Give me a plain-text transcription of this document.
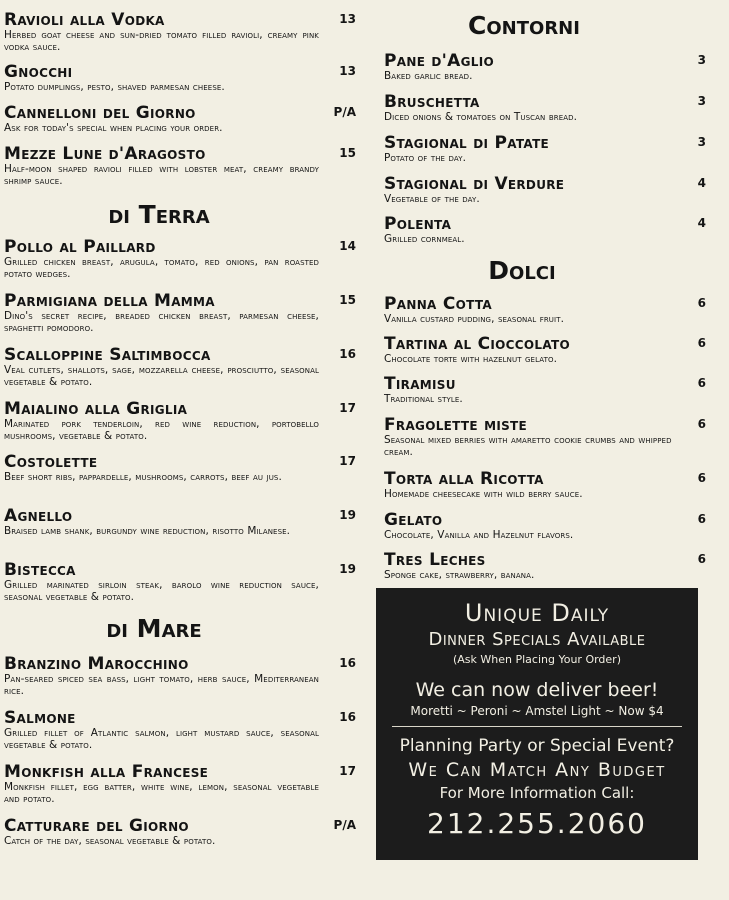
Ravioli alla Vodka	13
Herbed goat cheese and sun-dried tomato filled ravioli, creamy pink vodka sauce.
Gnocchi	13
Potato dumplings, pesto, shaved parmesan cheese.
Cannelloni del Giorno	P/A
Ask for today's special when placing your order.
Mezze Lune d'Aragosto	15
Half-moon shaped ravioli filled with lobster meat, creamy brandy shrimp sauce.
di Terra
Pollo al Paillard	14
Grilled chicken breast, arugula, tomato, red onions, pan roasted potato wedges.
Parmigiana della Mamma	15
Dino's secret recipe, breaded chicken breast, parmesan cheese, spaghetti pomodoro.
Scalloppine Saltimbocca	16
Veal cutlets, shallots, sage, mozzarella cheese, prosciutto, seasonal vegetable & potato.
Maialino alla Griglia	17
Marinated pork tenderloin, red wine reduction, portobello mushrooms, vegetable & potato.
Costolette	17
Beef short ribs, pappardelle, mushrooms, carrots, beef au jus.
Agnello	19
Braised lamb shank, burgundy wine reduction, risotto Milanese.
Bistecca	19
Grilled marinated sirloin steak, barolo wine reduction sauce, seasonal vegetable & potato.
di Mare
Branzino Marocchino	16
Pan-seared spiced sea bass, light tomato, herb sauce, Mediterranean rice.
Salmone	16
Grilled fillet of Atlantic salmon, light mustard sauce, seasonal vegetable & potato.
Monkfish alla Francese	17
Monkfish fillet, egg batter, white wine, lemon, seasonal vegetable and potato.
Catturare del Giorno	P/A
Catch of the day, seasonal vegetable & potato.
Contorni
Pane d'Aglio	3
Baked garlic bread.
Bruschetta	3
Diced onions & tomatoes on Tuscan bread.
Stagional di Patate	3
Potato of the day.
Stagional di Verdure	4
Vegetable of the day.
Polenta	4
Grilled cornmeal.
Dolci
Panna Cotta	6
Vanilla custard pudding, seasonal fruit.
Tartina al Cioccolato	6
Chocolate torte with hazelnut gelato.
Tiramisu	6
Traditional style.
Fragolette miste	6
Seasonal mixed berries with amaretto cookie crumbs and whipped cream.
Torta alla Ricotta	6
Homemade cheesecake with wild berry sauce.
Gelato	6
Chocolate, Vanilla and Hazelnut flavors.
Tres Leches	6
Sponge cake, strawberry, banana.

Unique Daily

Dinner Specials Available

(Ask When Placing Your Order)

We can now deliver beer!

Moretti ~ Peroni ~ Amstel Light ~ Now $4

Planning Party or Special Event?

We Can Match Any Budget

For More Information Call:

212.255.2060
